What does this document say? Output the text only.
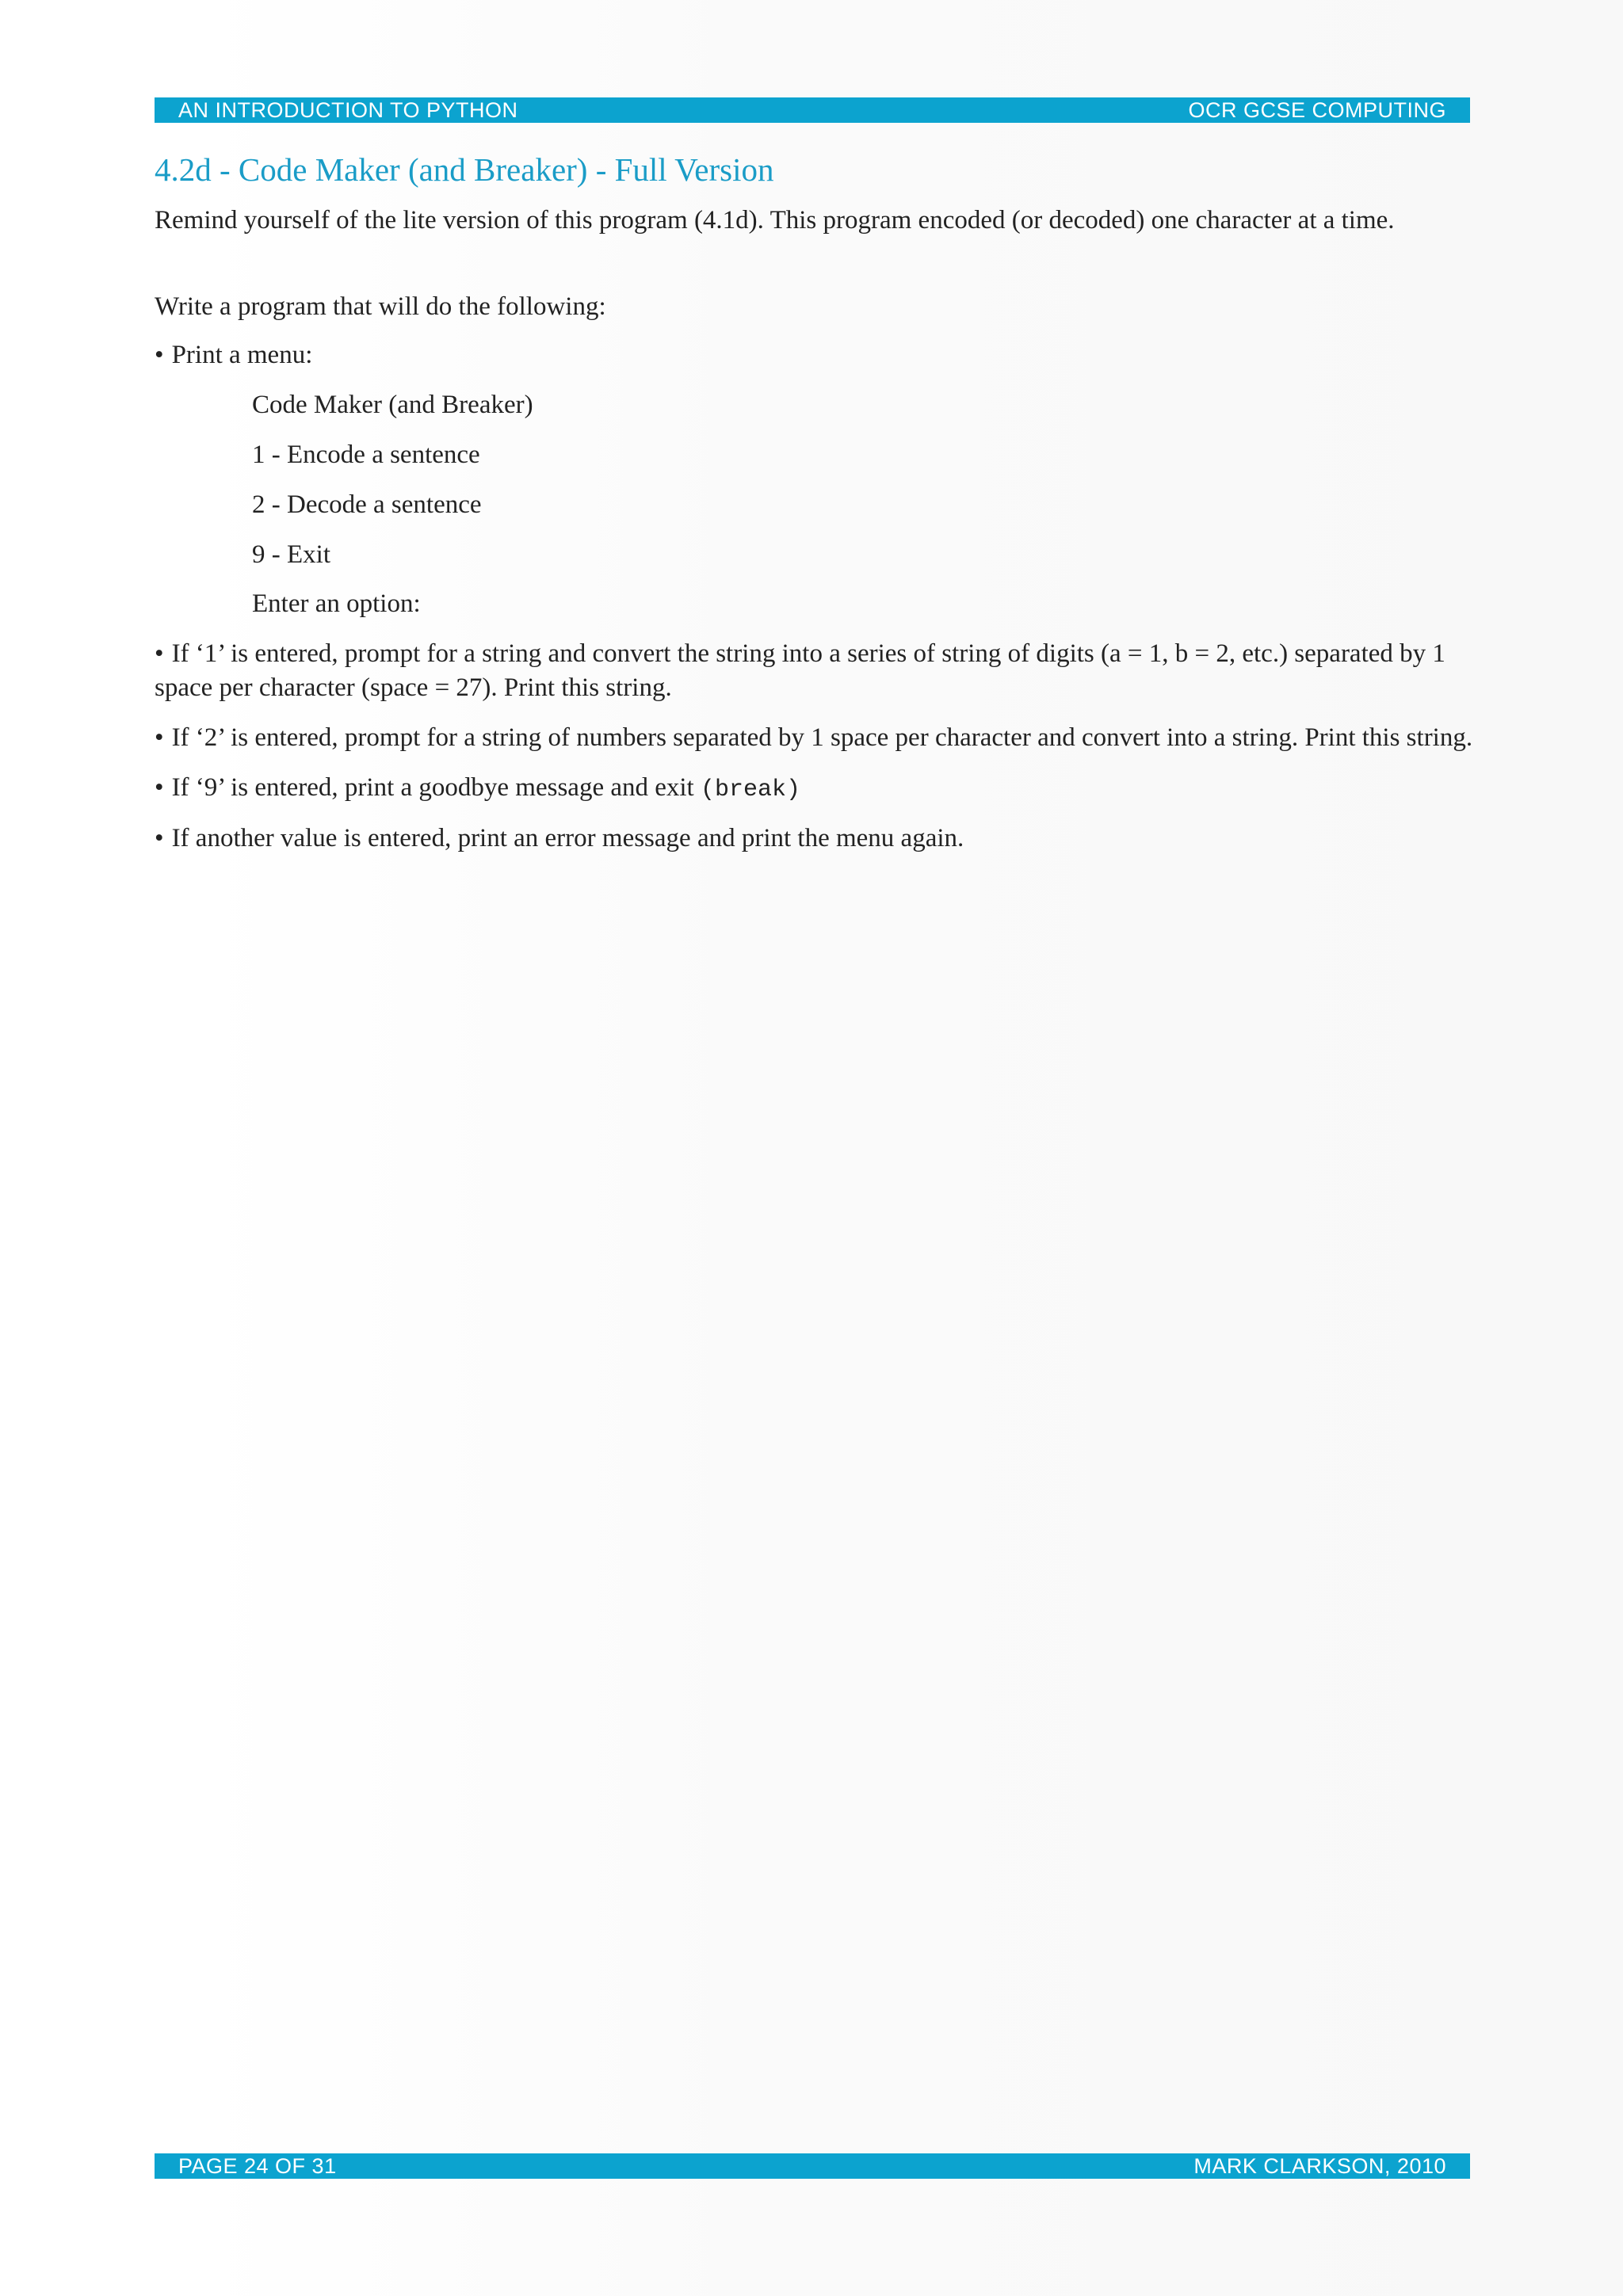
AN INTRODUCTION TO PYTHON	OCR GCSE COMPUTING
4.2d - Code Maker (and Breaker) - Full Version

Remind yourself of the lite version of this program (4.1d). This program encoded (or decoded) one character at a time.

Write a program that will do the following:

• Print a menu:

Code Maker (and Breaker)
1 - Encode a sentence
2 - Decode a sentence
9 - Exit
Enter an option:

• If ‘1’ is entered, prompt for a string and convert the string into a series of string of digits (a = 1, b = 2, etc.) separated by 1 space per character (space = 27). Print this string.

• If ‘2’ is entered, prompt for a string of numbers separated by 1 space per character and convert into a string. Print this string.

• If ‘9’ is entered, print a goodbye message and exit (break)

• If another value is entered, print an error message and print the menu again.

PAGE 24 OF 31	MARK CLARKSON, 2010
